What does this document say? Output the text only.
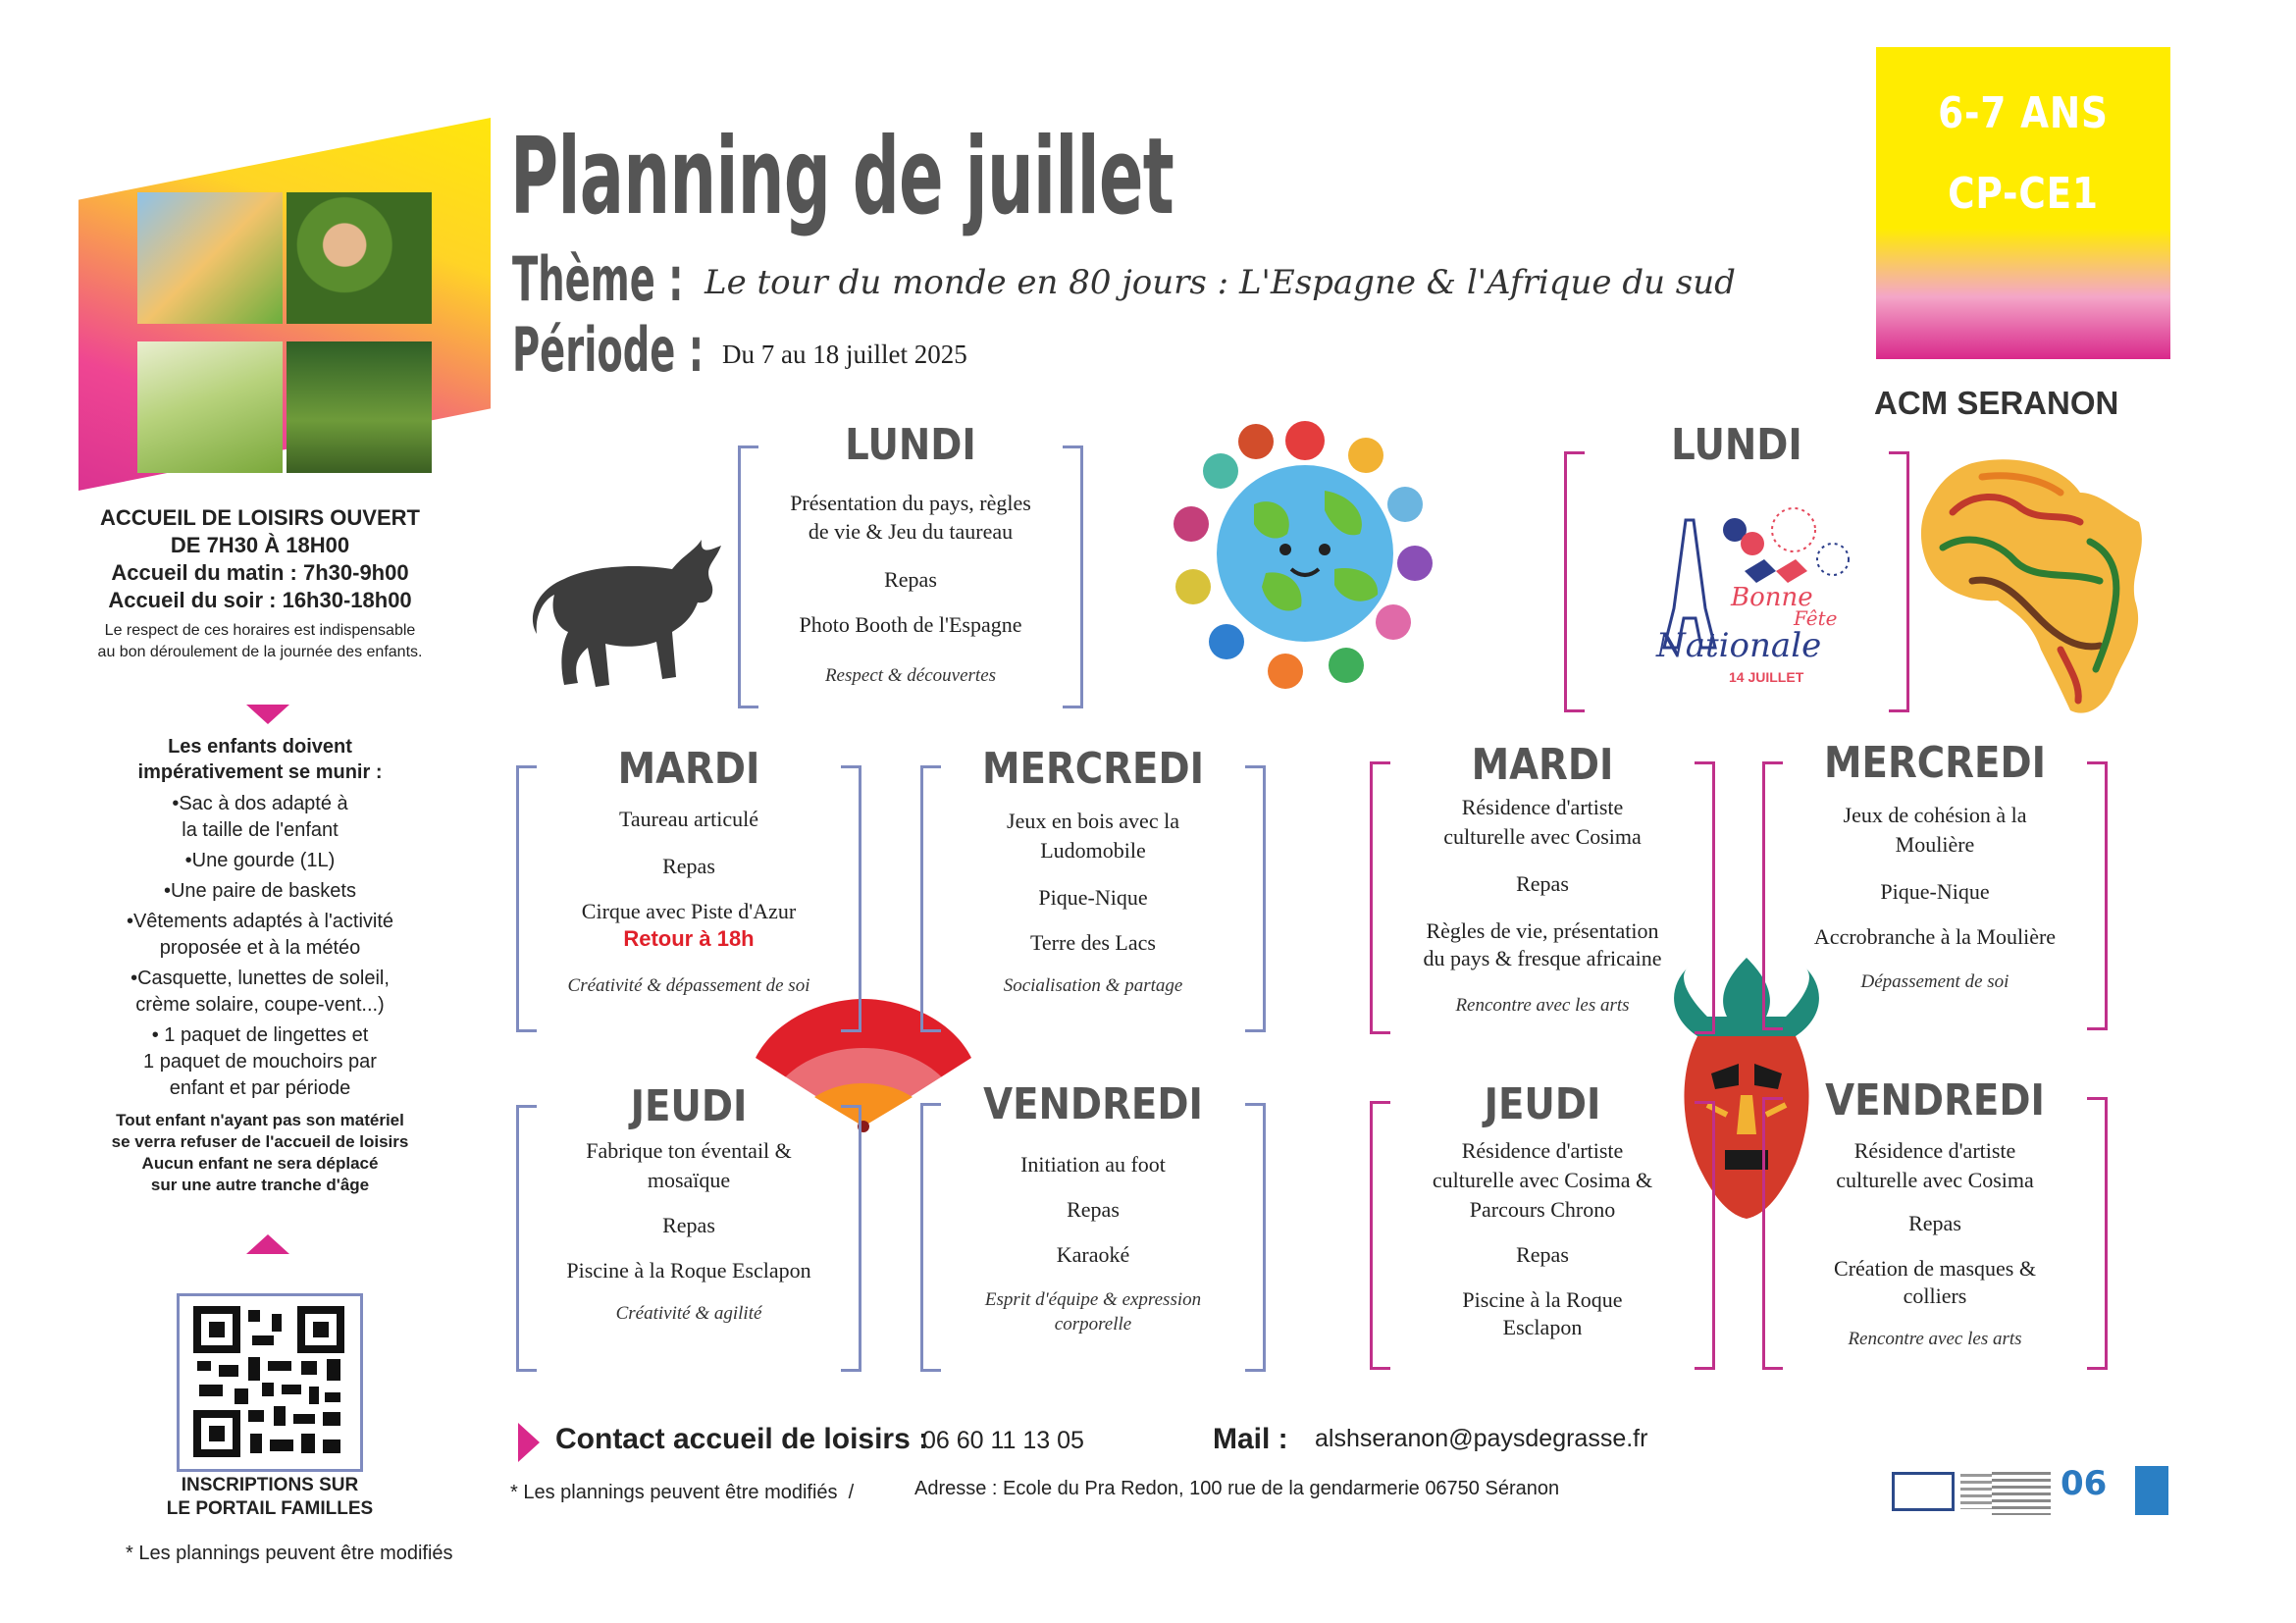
6-7 ANS
CP-CE1
Planning de juillet
Thème : Le tour du monde en 80 jours : L'Espagne & l'Afrique du sud
Période : Du 7 au 18 juillet 2025
ACM SERANON
ACCUEIL DE LOISIRS OUVERT
DE 7H30 À 18H00
Accueil du matin : 7h30-9h00
Accueil du soir : 16h30-18h00
Le respect de ces horaires est indispensable
au bon déroulement de la journée des enfants.
Les enfants doivent
impérativement se munir :
•Sac à dos adapté à
la taille de l'enfant
•Une gourde (1L)
•Une paire de baskets
•Vêtements adaptés à l'activité
proposée et à la météo
•Casquette, lunettes de soleil,
crème solaire, coupe-vent...)
• 1 paquet de lingettes et
1 paquet de mouchoirs par
enfant et par période
Tout enfant n'ayant pas son matériel
se verra refuser de l'accueil de loisirs
Aucun enfant ne sera déplacé
sur une autre tranche d'âge
INSCRIPTIONS SUR
LE PORTAIL FAMILLES
* Les plannings peuvent être modifiés
Bonne
Fête
Nationale
14 JUILLET
LUNDI
Présentation du pays, règles
de vie & Jeu du taureau
Repas
Photo Booth de l'Espagne
Respect & découvertes
MARDI
Taureau articulé
Repas
Cirque avec Piste d'Azur
Retour à 18h
Créativité & dépassement de soi
MERCREDI
Jeux en bois avec la
Ludomobile
Pique-Nique
Terre des Lacs
Socialisation & partage
JEUDI
Fabrique ton éventail &
mosaïque
Repas
Piscine à la Roque Esclapon
Créativité & agilité
VENDREDI
Initiation au foot
Repas
Karaoké
Esprit d'équipe & expression
corporelle
LUNDI
MARDI
Résidence d'artiste
culturelle avec Cosima
Repas
Règles de vie, présentation
du pays & fresque africaine
Rencontre avec les arts
MERCREDI
Jeux de cohésion à la
Moulière
Pique-Nique
Accrobranche à la Moulière
Dépassement de soi
JEUDI
Résidence d'artiste
culturelle avec Cosima &
Parcours Chrono
Repas
Piscine à la Roque
Esclapon
VENDREDI
Résidence d'artiste
culturelle avec Cosima
Repas
Création de masques &
colliers
Rencontre avec les arts
Contact accueil de loisirs :
06 60 11 13 05	Mail : alshseranon@paysdegrasse.fr
* Les plannings peuvent être modifiés  /	Adresse : Ecole du Pra Redon, 100 rue de la gendarmerie 06750 Séranon	06
